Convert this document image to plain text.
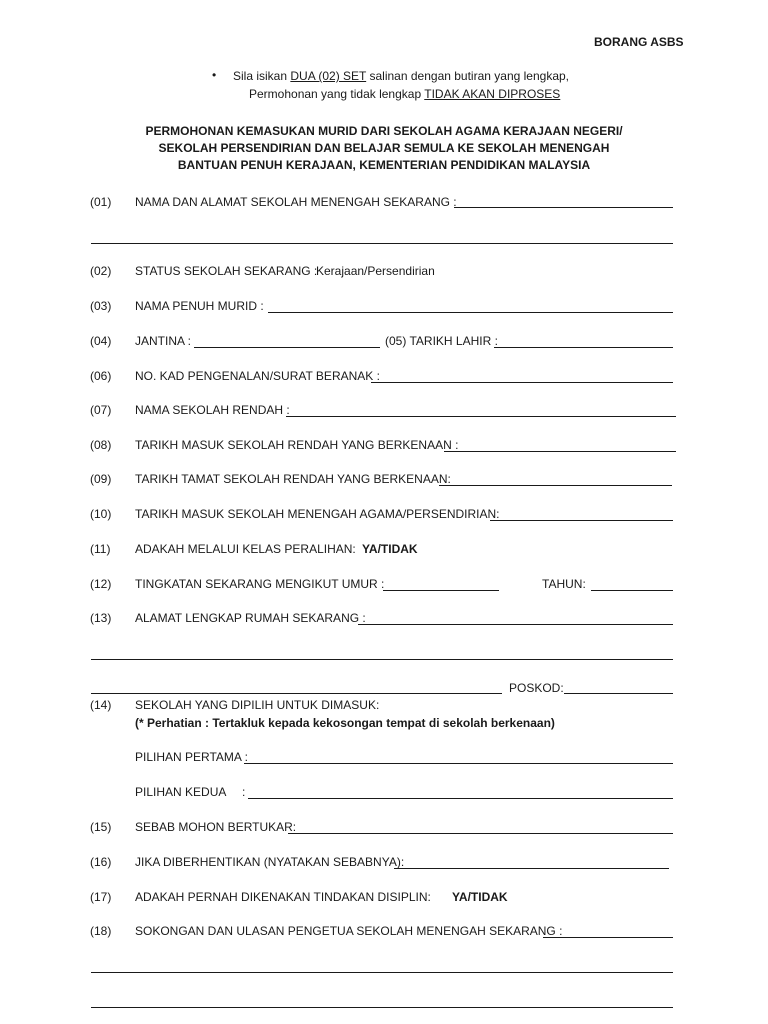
BORANG ASBS
• Sila isikan DUA (02) SET salinan dengan butiran yang lengkap,
Permohonan yang tidak lengkap TIDAK AKAN DIPROSES
PERMOHONAN KEMASUKAN MURID DARI SEKOLAH AGAMA KERAJAAN NEGERI/
SEKOLAH PERSENDIRIAN DAN BELAJAR SEMULA KE SEKOLAH MENENGAH
BANTUAN PENUH KERAJAAN, KEMENTERIAN PENDIDIKAN MALAYSIA
(01) NAMA DAN ALAMAT SEKOLAH MENENGAH SEKARANG :
(02) STATUS SEKOLAH SEKARANG :
Kerajaan/Persendirian
(03) NAMA PENUH MURID :
(04) JANTINA :	(05) TARIKH LAHIR :
(06) NO. KAD PENGENALAN/SURAT BERANAK :
(07) NAMA SEKOLAH RENDAH :
(08) TARIKH MASUK SEKOLAH RENDAH YANG BERKENAAN :
(09) TARIKH TAMAT SEKOLAH RENDAH YANG BERKENAAN:
(10) TARIKH MASUK SEKOLAH MENENGAH AGAMA/PERSENDIRIAN:
(11) ADAKAH MELALUI KELAS PERALIHAN: YA/TIDAK
(12) TINGKATAN SEKARANG MENGIKUT UMUR :	TAHUN:
(13) ALAMAT LENGKAP RUMAH SEKARANG :
POSKOD:
(14) SEKOLAH YANG DIPILIH UNTUK DIMASUK:
(* Perhatian : Tertakluk kepada kekosongan tempat di sekolah berkenaan)
PILIHAN PERTAMA :
PILIHAN KEDUA :
(15) SEBAB MOHON BERTUKAR:
(16) JIKA DIBERHENTIKAN (NYATAKAN SEBABNYA):
(17) ADAKAH PERNAH DIKENAKAN TINDAKAN DISIPLIN: YA/TIDAK
(18) SOKONGAN DAN ULASAN PENGETUA SEKOLAH MENENGAH SEKARANG :
